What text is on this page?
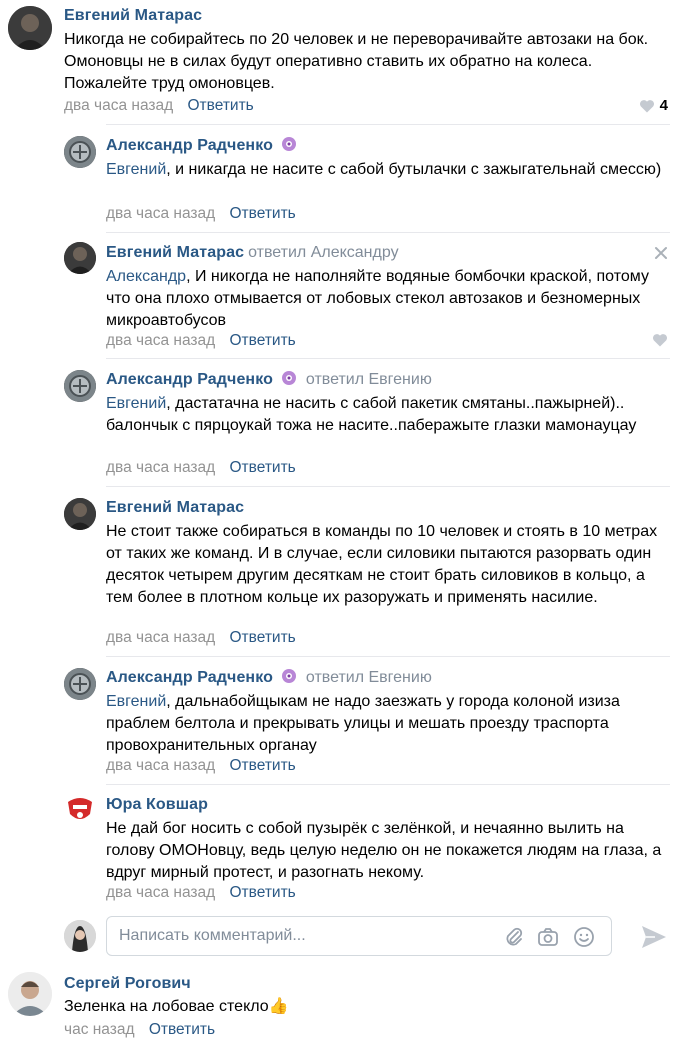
Евгений Матарас
Никогда не собирайтесь по 20 человек и не переворачивайте автозаки на бок. Омоновцы не в силах будут оперативно ставить их обратно на колеса. Пожалейте труд омоновцев.
два часа назад Ответить	4
Александр Радченко
Евгений, и никагда не насите с сабой бутылачки с зажыгательнай смесcю)
два часа назад Ответить
Евгений Матарас ответил Александру
Александр, И никогда не наполняйте водяные бомбочки краской, потому что она плохо отмывается от лобовых стекол автозаков и безномерных микроавтобусов
два часа назад Ответить
Александр Радченко ответил Евгению
Евгений, дастатачна не насить с сабой пакетик смятаны..пажырней).. балончык с пярцоукай тожа не насите..паберажыте глазки мамонауцау
два часа назад Ответить
Евгений Матарас
Не стоит также собираться в команды по 10 человек и стоять в 10 метрах от таких же команд. И в случае, если силовики пытаются разорвать один десяток четырем другим десяткам не стоит брать силовиков в кольцо, а тем более в плотном кольце их разоружать и применять насилие.
два часа назад Ответить
Александр Радченко ответил Евгению
Евгений, дальнабойщыкам не надо заезжать у города колоной изиза праблем белтола и прекрывать улицы и мешать проезду траспорта провохранительных органау
два часа назад Ответить
Юра Ковшар
Не дай бог носить с собой пузырёк с зелёнкой, и нечаянно вылить на голову ОМОНовцу, ведь целую неделю он не покажется людям на глаза, а вдруг мирный протест, и разогнать некому.
два часа назад Ответить
Написать комментарий...
Сергей Рогович
Зеленка на лобовае стекло👍
час назад Ответить
